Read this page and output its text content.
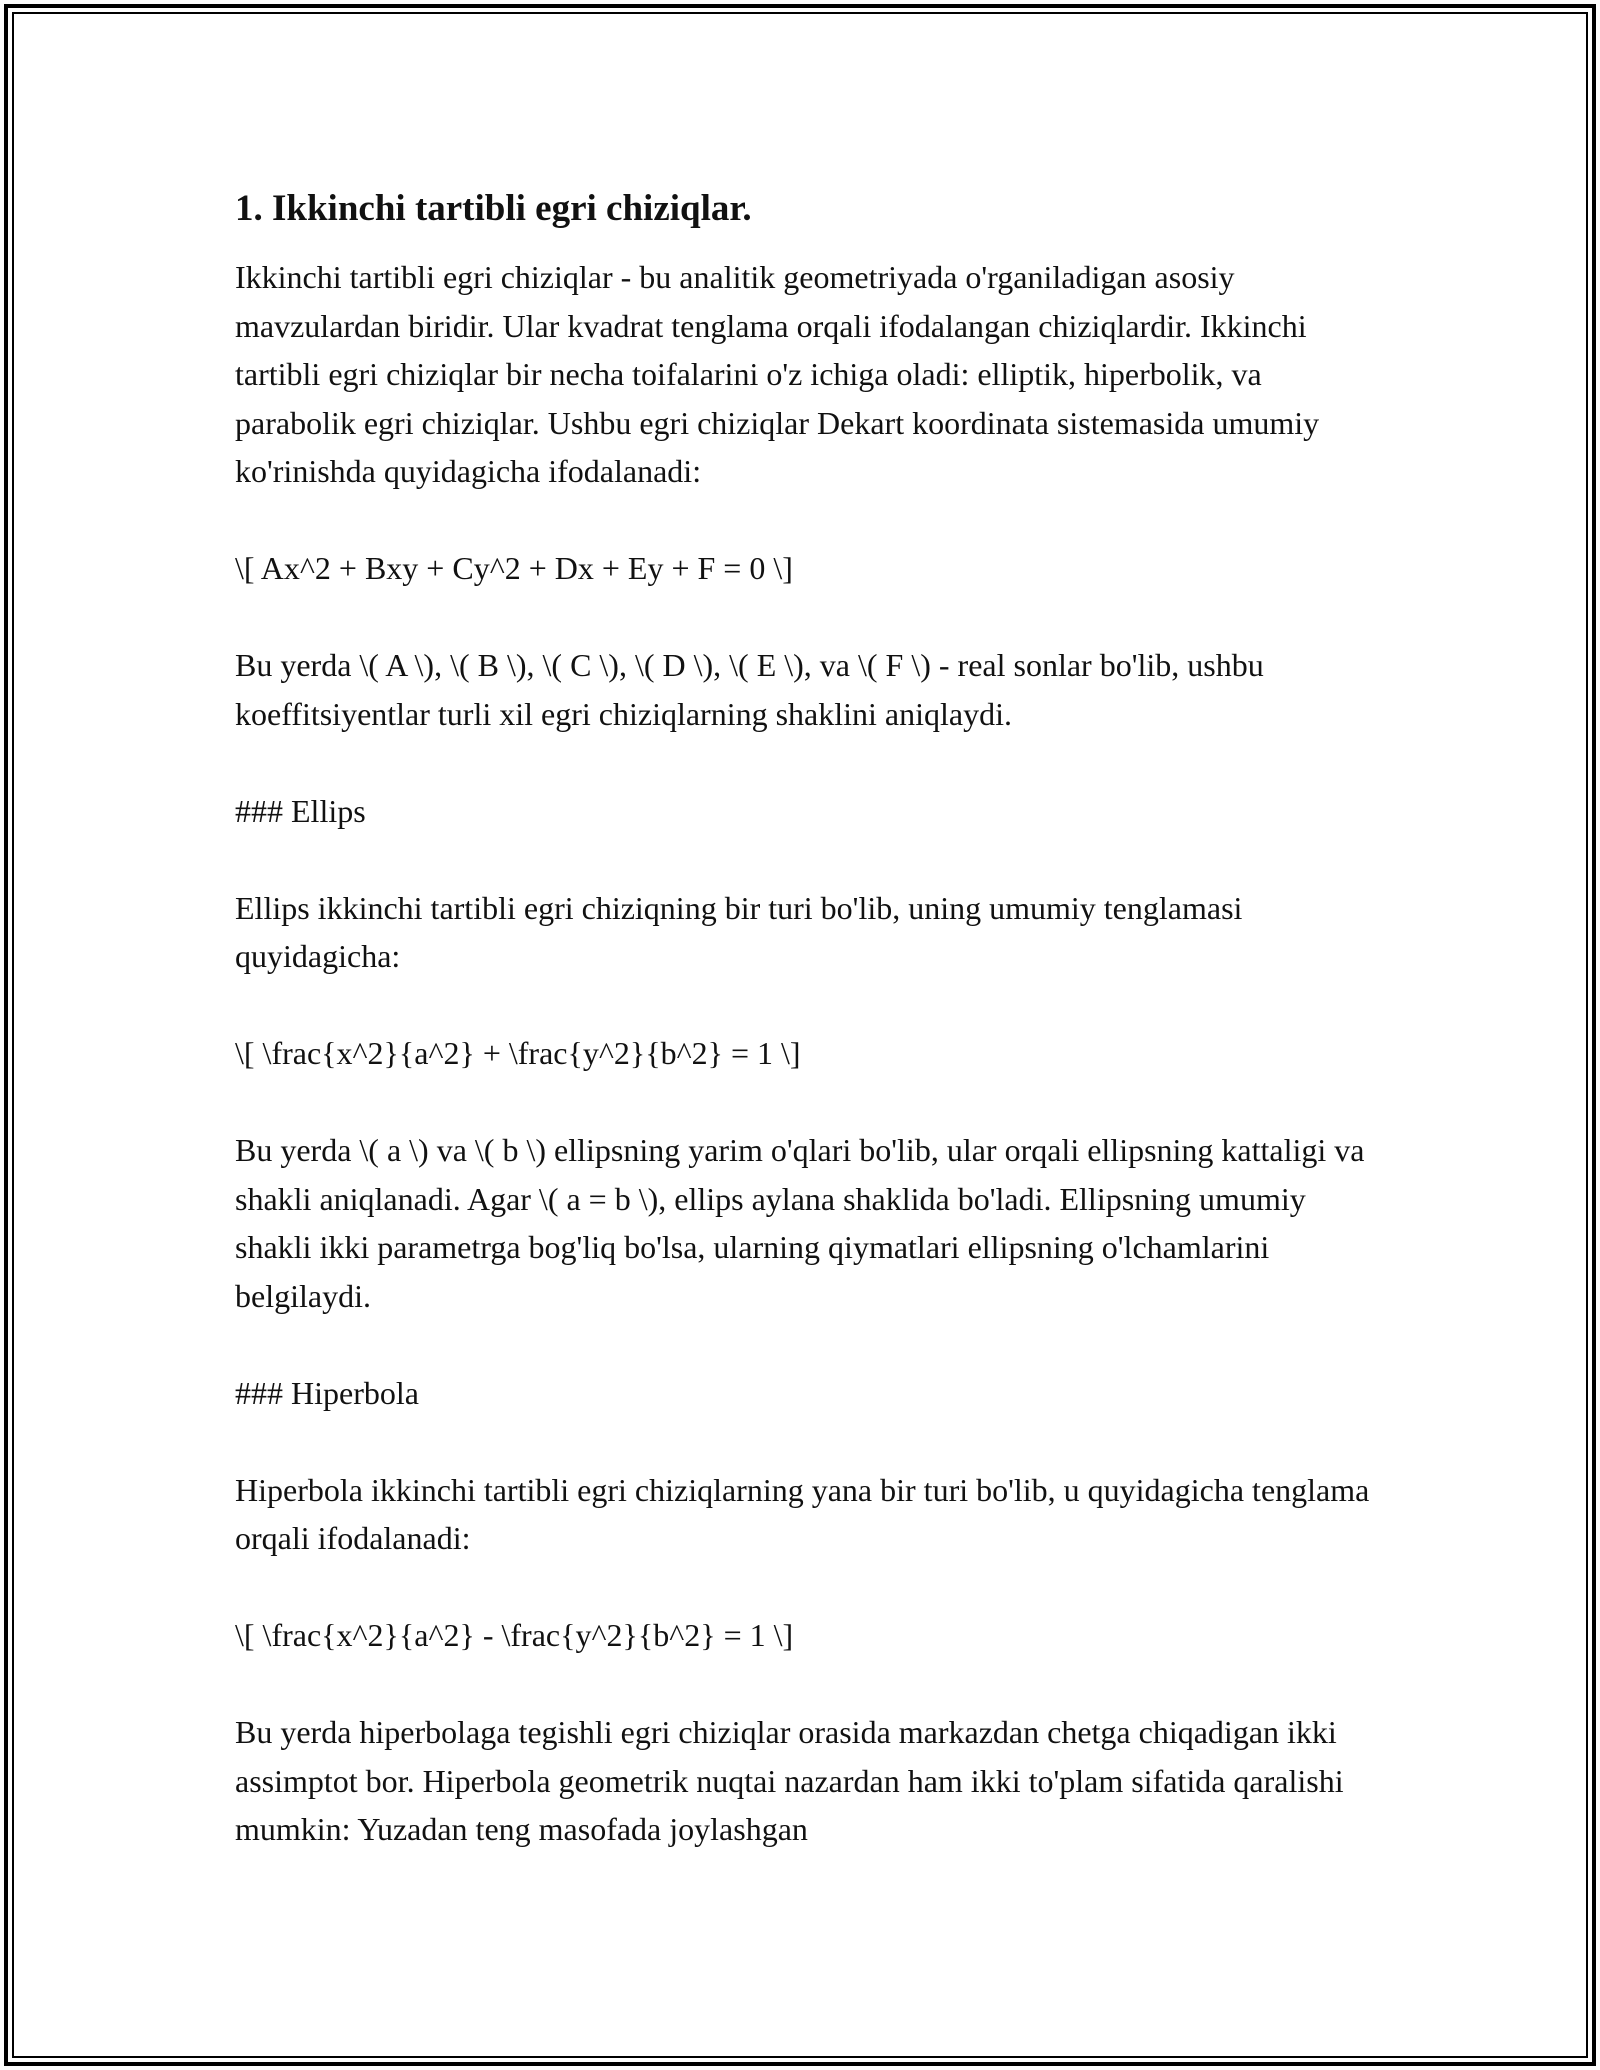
1. Ikkinchi tartibli egri chiziqlar.
Ikkinchi tartibli egri chiziqlar - bu analitik geometriyada o'rganiladigan asosiy mavzulardan biridir. Ular kvadrat tenglama orqali ifodalangan chiziqlardir. Ikkinchi tartibli egri chiziqlar bir necha toifalarini o'z ichiga oladi: elliptik, hiperbolik, va parabolik egri chiziqlar. Ushbu egri chiziqlar Dekart koordinata sistemasida umumiy ko'rinishda quyidagicha ifodalanadi:
\[ Ax^2 + Bxy + Cy^2 + Dx + Ey + F = 0 \]
Bu yerda \( A \), \( B \), \( C \), \( D \), \( E \), va \( F \) - real sonlar bo'lib, ushbu koeffitsiyentlar turli xil egri chiziqlarning shaklini aniqlaydi.
### Ellips
Ellips ikkinchi tartibli egri chiziqning bir turi bo'lib, uning umumiy tenglamasi quyidagicha:
\[ \frac{x^2}{a^2} + \frac{y^2}{b^2} = 1 \]
Bu yerda \( a \) va \( b \) ellipsning yarim o'qlari bo'lib, ular orqali ellipsning kattaligi va shakli aniqlanadi. Agar \( a = b \), ellips aylana shaklida bo'ladi. Ellipsning umumiy shakli ikki parametrga bog'liq bo'lsa, ularning qiymatlari ellipsning o'lchamlarini belgilaydi.
### Hiperbola
Hiperbola ikkinchi tartibli egri chiziqlarning yana bir turi bo'lib, u quyidagicha tenglama orqali ifodalanadi:
\[ \frac{x^2}{a^2} - \frac{y^2}{b^2} = 1 \]
Bu yerda hiperbolaga tegishli egri chiziqlar orasida markazdan chetga chiqadigan ikki assimptot bor. Hiperbola geometrik nuqtai nazardan ham ikki to'plam sifatida qaralishi mumkin: Yuzadan teng masofada joylashgan
